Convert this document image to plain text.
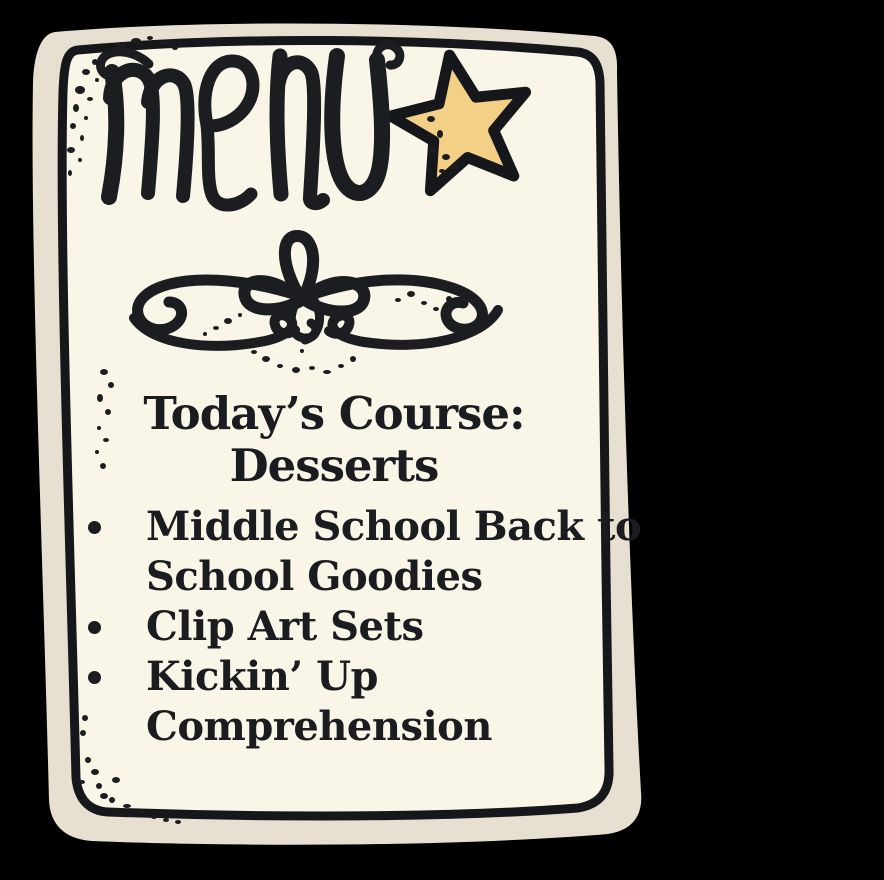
Today’s Course:
Desserts
Middle School Back to
School Goodies
Clip Art Sets
Kickin’ Up
Comprehension
